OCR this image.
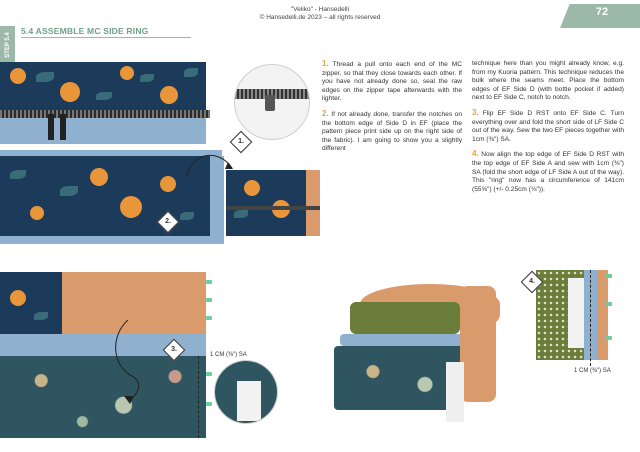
"Veliko" - Hansedelli
© Hansedelli.de 2023 – all rights reserved	72
STEP 5.4
5.4 ASSEMBLE MC SIDE RING
1.
2.
3.
1 CM (⅜") SA
4.
1 CM (⅜") SA

1. Thread a pull onto each end of the MC zipper, so that they close towards each other. If you have not already done so, seal the raw edges on the zipper tape afterwards with the lighter.

2. If not already done, transfer the notches on the bottom edge of Side D in EF (place the pattern piece print side up on the right side of the fabric). I am going to show you a slightly different

technique here than you might already know, e.g. from my Kuoria pattern. This technique reduces the bulk where the seams meet. Place the bottom edges of EF Side D (with bottle pocket if added) next to EF Side C, notch to notch.

3. Flip EF Side D RST onto EF Side C. Turn everything over and fold the short side of LF Side C out of the way. Sew the two EF pieces together with 1cm (⅜") SA.

4. Now align the top edge of EF Side D RST with the top edge of EF Side A and sew with 1cm (⅜") SA (fold the short edge of LF Side A out of the way). This "ring" now has a circumference of 141cm (55⅝") (+/- 0.25cm (⅛")).
